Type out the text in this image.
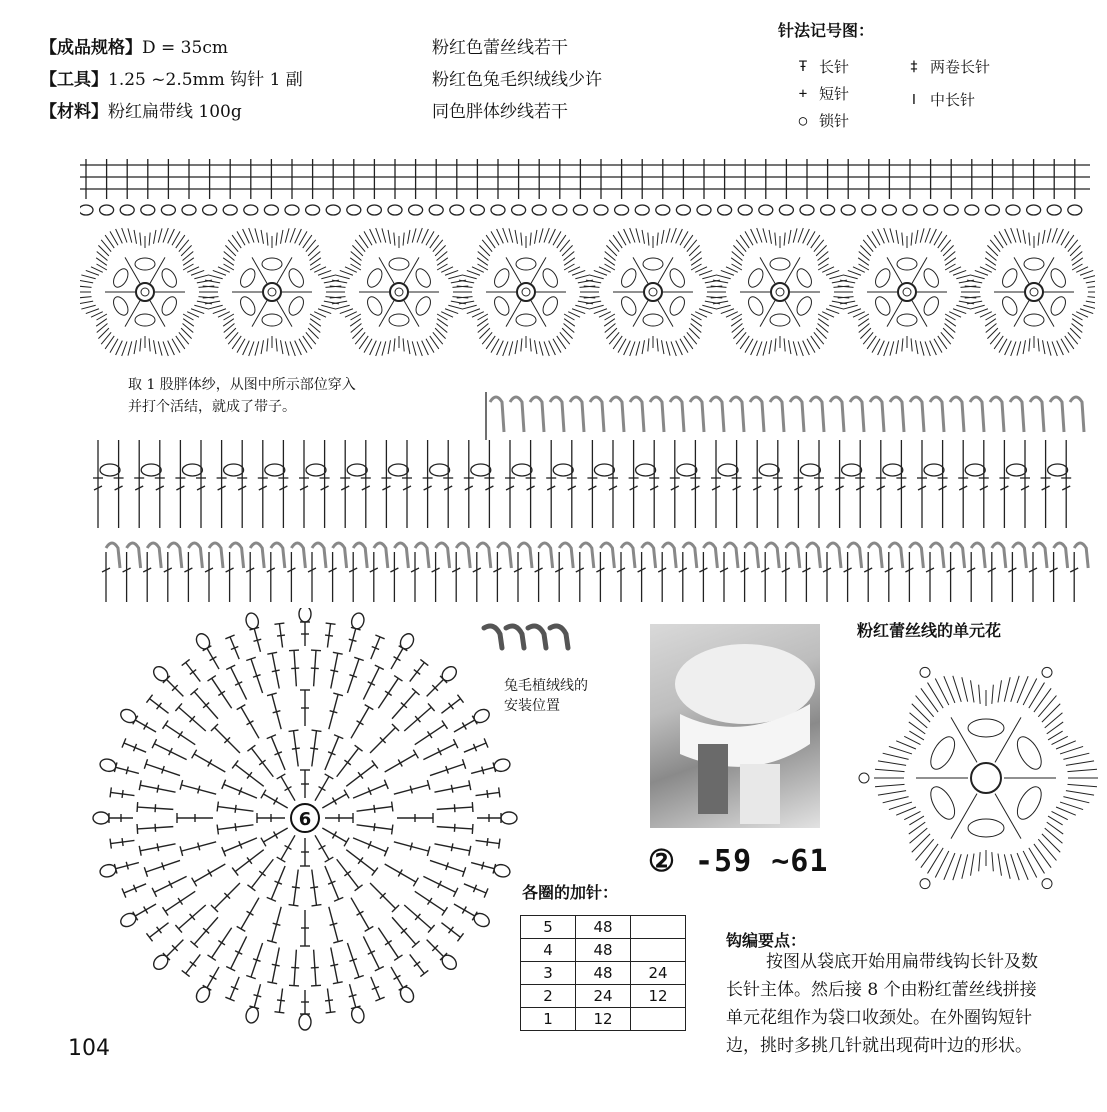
【成品规格】D = 35cm
【工具】1.25 ~2.5mm 钩针 1 副
【材料】粉红扁带线 100g
粉红色蕾丝线若干
粉红色兔毛织绒线少许
同色胖体纱线若干
针法记号图：
Ŧ 长针
+ 短针
○ 锁针
‡ 两卷长针
Ⅰ 中长针
取 1 股胖体纱，从图中所示部位穿入
并打个活结，就成了带子。
6
兔毛植绒线的
安装位置
② -59 ~61
粉红蕾丝线的单元花
各圈的加针：
5	48	
4	48	
3	48	24
2	24	12
1	12	
钩编要点：
按图从袋底开始用扁带线钩长针及数
长针主体。然后接 8 个由粉红蕾丝线拼接
单元花组作为袋口收颈处。在外圈钩短针
边，挑时多挑几针就出现荷叶边的形状。
104
